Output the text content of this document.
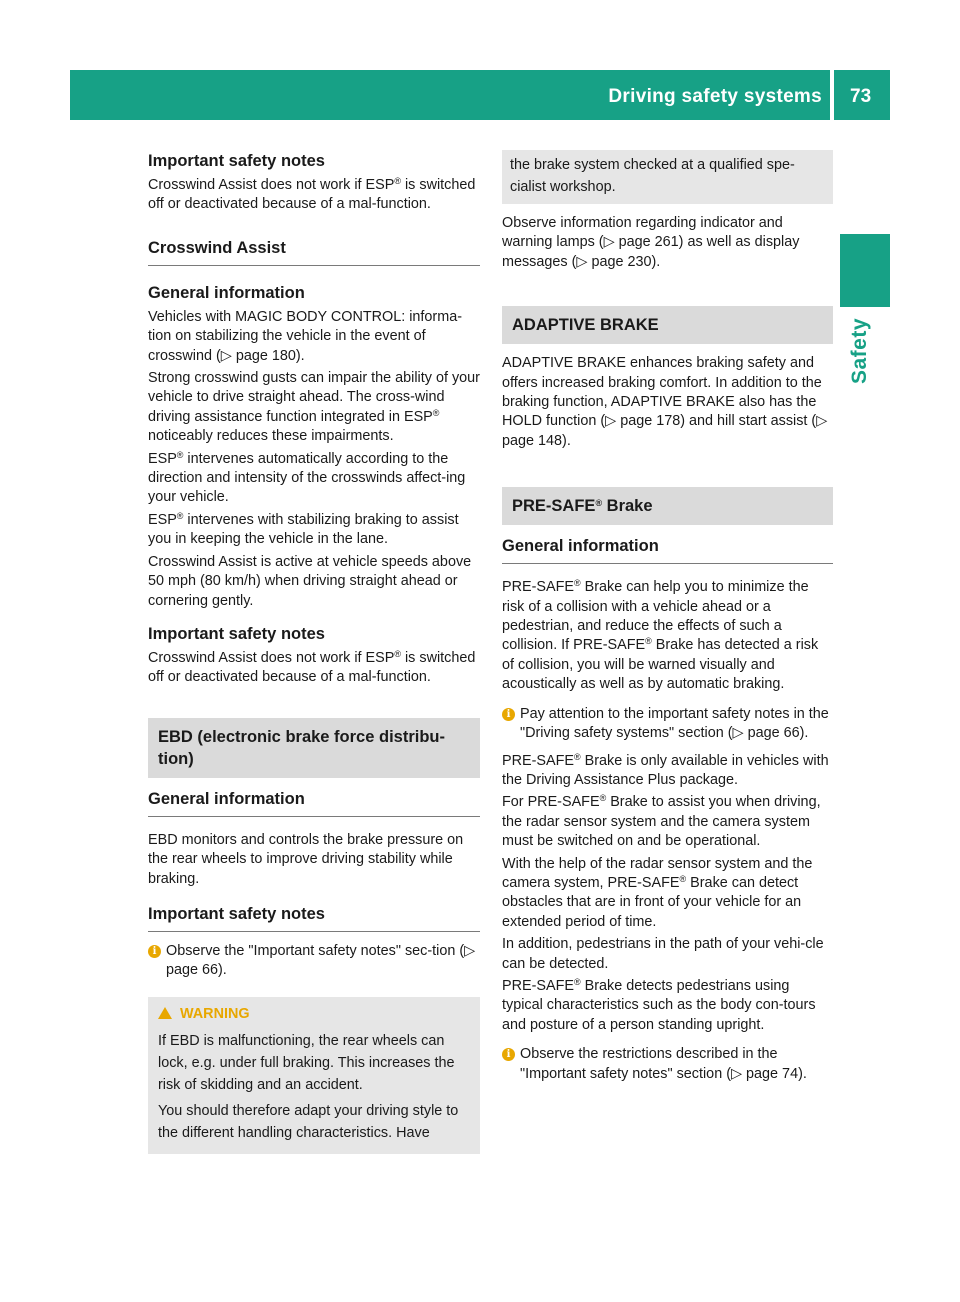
Driving safety systems 73
Safety
Important safety notes

Crosswind Assist does not work if ESP® is switched off or deactivated because of a mal-function.

Crosswind Assist
General information

Vehicles with MAGIC BODY CONTROL: informa-tion on stabilizing the vehicle in the event of crosswind (▷ page 180).

Strong crosswind gusts can impair the ability of your vehicle to drive straight ahead. The cross-wind driving assistance function integrated in ESP® noticeably reduces these impairments.

ESP® intervenes automatically according to the direction and intensity of the crosswinds affect-ing your vehicle.

ESP® intervenes with stabilizing braking to assist you in keeping the vehicle in the lane.

Crosswind Assist is active at vehicle speeds above 50 mph (80 km/h) when driving straight ahead or cornering gently.

Important safety notes

Crosswind Assist does not work if ESP® is switched off or deactivated because of a mal-function.

EBD (electronic brake force distribu-tion)
General information

EBD monitors and controls the brake pressure on the rear wheels to improve driving stability while braking.

Important safety notes
i Observe the "Important safety notes" sec-tion (▷ page 66).
WARNING

If EBD is malfunctioning, the rear wheels can lock, e.g. under full braking. This increases the risk of skidding and an accident.

You should therefore adapt your driving style to the different handling characteristics. Have

the brake system checked at a qualified spe-cialist workshop.

Observe information regarding indicator and warning lamps (▷ page 261) as well as display messages (▷ page 230).

ADAPTIVE BRAKE

ADAPTIVE BRAKE enhances braking safety and offers increased braking comfort. In addition to the braking function, ADAPTIVE BRAKE also has the HOLD function (▷ page 178) and hill start assist (▷ page 148).

PRE-SAFE® Brake
General information

PRE-SAFE® Brake can help you to minimize the risk of a collision with a vehicle ahead or a pedestrian, and reduce the effects of such a collision. If PRE-SAFE® Brake has detected a risk of collision, you will be warned visually and acoustically as well as by automatic braking.

i Pay attention to the important safety notes in the "Driving safety systems" section (▷ page 66).

PRE-SAFE® Brake is only available in vehicles with the Driving Assistance Plus package.

For PRE-SAFE® Brake to assist you when driving, the radar sensor system and the camera system must be switched on and be operational.

With the help of the radar sensor system and the camera system, PRE-SAFE® Brake can detect obstacles that are in front of your vehicle for an extended period of time.

In addition, pedestrians in the path of your vehi-cle can be detected.

PRE-SAFE® Brake detects pedestrians using typical characteristics such as the body con-tours and posture of a person standing upright.

i Observe the restrictions described in the "Important safety notes" section (▷ page 74).
